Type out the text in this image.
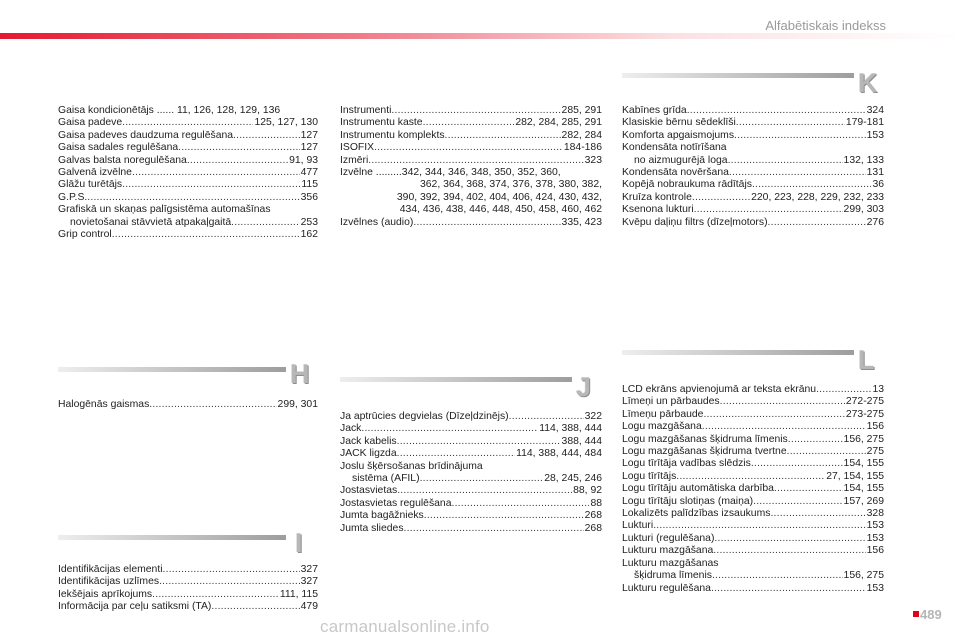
Alfabētiskais indekss
Gaisa kondicionētājs ...... 11, 126, 128, 129, 136
Gaisa padeve .....	125, 127, 130
Gaisa padeves daudzuma regulēšana .....	127
Gaisa sadales regulēšana .....	127
Galvas balsta noregulēšana .....	91, 93
Galvenā izvēlne .....	477
Glāžu turētājs .....	115
G.P.S. .....	356
Grafiskā un skaņas palīgsistēma automašīnas
novietošanai stāvvietā atpakaļgaitā .....	253
Grip control .....	162
H
Halogēnās gaismas .....	299, 301
I
Identifikācijas elementi .....	327
Identifikācijas uzlīmes .....	327
Iekšējais aprīkojums .....	111, 115
Informācija par ceļu satiksmi (TA) .....	479
Instrumenti .....	285, 291
Instrumentu kaste .....	282, 284, 285, 291
Instrumentu komplekts .....	282, 284
ISOFIX .....	184-186
Izmēri .....	323
Izvēlne .........342, 344, 346, 348, 350, 352, 360,
362, 364, 368, 374, 376, 378, 380, 382,
390, 392, 394, 402, 404, 406, 424, 430, 432,
434, 436, 438, 446, 448, 450, 458, 460, 462
Izvēlnes (audio) .....	335, 423
J
Ja aptrūcies degvielas (Dīzeļdzinējs) .....	322
Jack .....	114, 388, 444
Jack kabelis .....	388, 444
JACK ligzda .....	114, 388, 444, 484
Joslu šķērsošanas brīdinājuma
sistēma (AFIL) .....	28, 245, 246
Jostasvietas .....	88, 92
Jostasvietas regulēšana .....	88
Jumta bagāžnieks .....	268
Jumta sliedes .....	268
K
Kabīnes grīda .....	324
Klasiskie bērnu sēdeklīši .....	179-181
Komforta apgaismojums .....	153
Kondensāta notīrīšana
no aizmugurējā loga .....	132, 133
Kondensāta novēršana .....	131
Kopējā nobraukuma rādītājs .....	36
Kruīza kontrole .....	220, 223, 228, 229, 232, 233
Ksenona lukturi .....	299, 303
Kvēpu daļiņu filtrs (dīzeļmotors) .....	276
L
LCD ekrāns apvienojumā ar teksta ekrānu .....	13
Līmeņi un pārbaudes .....	272-275
Līmeņu pārbaude .....	273-275
Logu mazgāšana .....	156
Logu mazgāšanas šķidruma līmenis .....	156, 275
Logu mazgāšanas šķidruma tvertne .....	275
Logu tīrītāja vadības slēdzis .....	154, 155
Logu tīrītājs .....	27, 154, 155
Logu tīrītāju automātiska darbība .....	154, 155
Logu tīrītāju slotiņas (maiņa) .....	157, 269
Lokalizēts palīdzības izsaukums .....	328
Lukturi .....	153
Lukturi (regulēšana) .....	153
Lukturu mazgāšana .....	156
Lukturu mazgāšanas
šķidruma līmenis .....	156, 275
Lukturu regulēšana .....	153
carmanualsonline.info
489
